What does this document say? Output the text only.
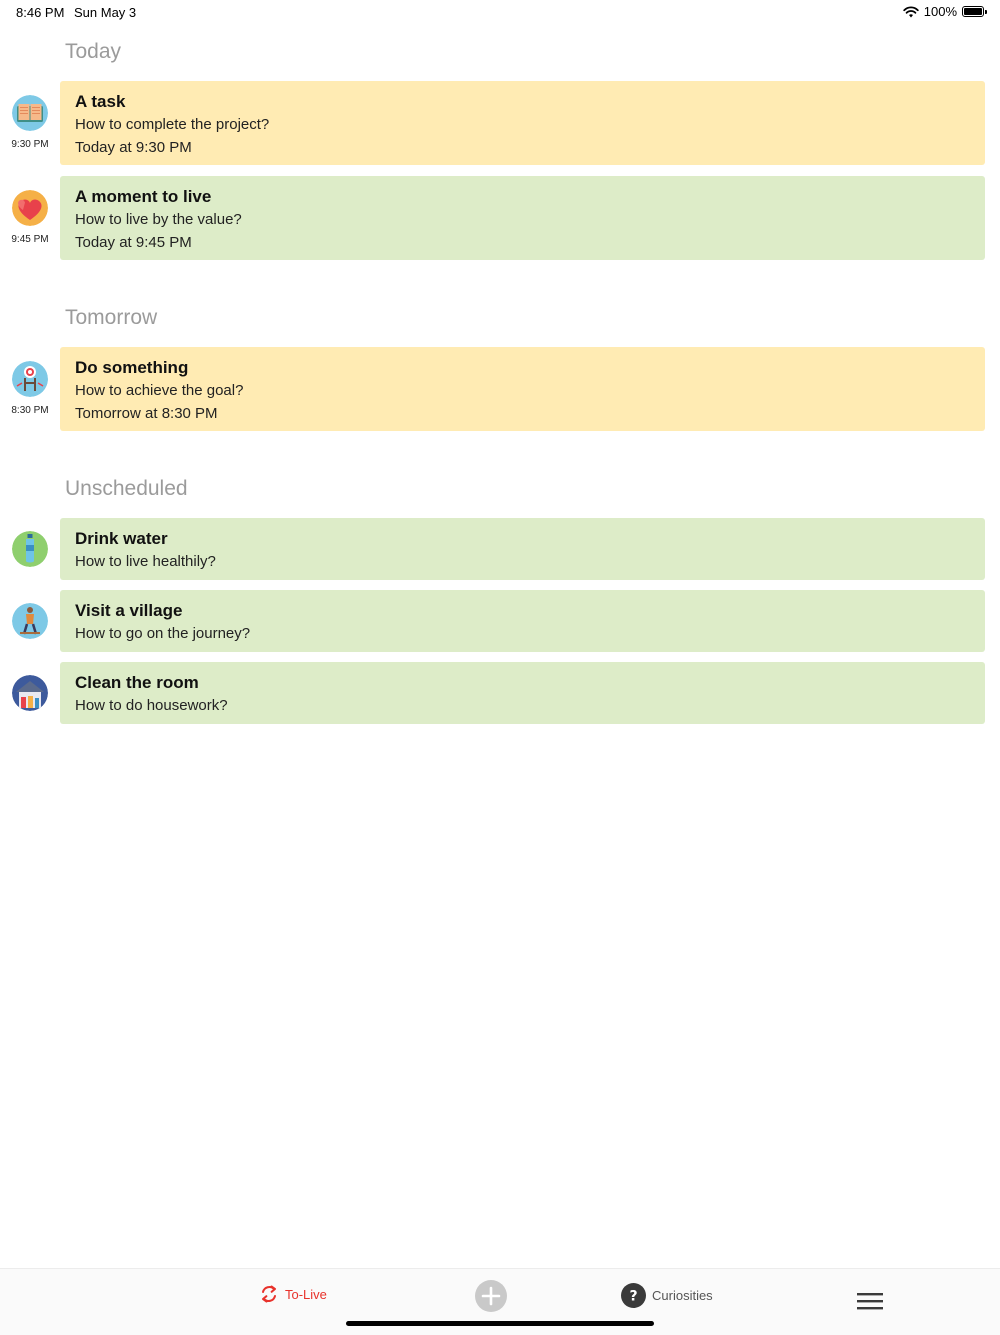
8:46 PM Sun May 3	100%
Today
9:30 PM
A task
How to complete the project?
Today at 9:30 PM
9:45 PM
A moment to live
How to live by the value?
Today at 9:45 PM
Tomorrow
8:30 PM
Do something
How to achieve the goal?
Tomorrow at 8:30 PM
Unscheduled
Drink water
How to live healthily?
Visit a village
How to go on the journey?
Clean the room
How to do housework?
To-Live	? Curiosities
